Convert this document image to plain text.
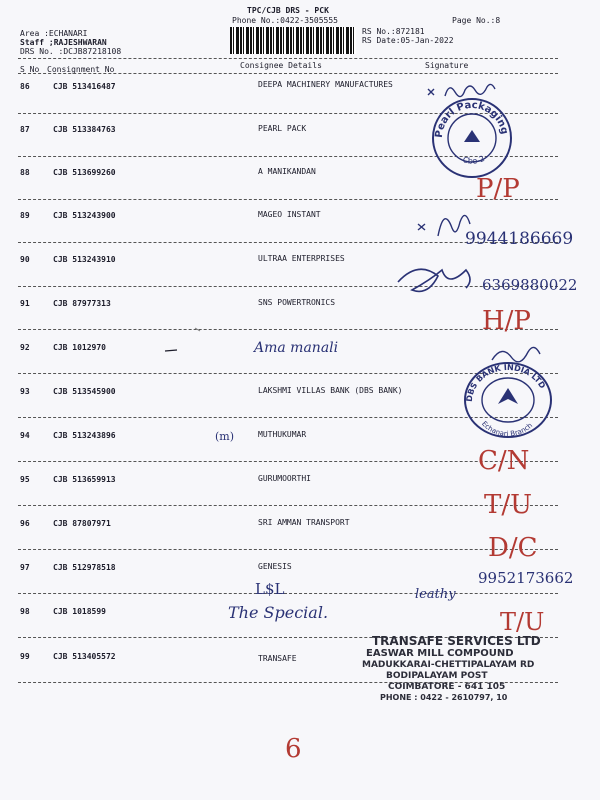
TPC/CJB DRS - PCK
Phone No.:0422-3505555	Page No.:8
Area :ECHANARI
Staff ;RAJESHWARAN
DRS No. :DCJB87218108
RS No.:872181
RS Date:05-Jan-2022
S No Consignment No	Consignee Details	Signature
86	CJB 513416487	DEEPA MACHINERY MANUFACTURES
87	CJB 513384763	PEARL PACK
88	CJB 513699260	A MANIKANDAN
89	CJB 513243900	MAGEO INSTANT
90	CJB 513243910	ULTRAA ENTERPRISES
91	CJB 87977313	SNS POWERTRONICS
92	CJB 1012970
93	CJB 513545900	LAKSHMI VILLAS BANK (DBS BANK)
94	CJB 513243896	MUTHUKUMAR
95	CJB 513659913	GURUMOORTHI
96	CJB 87807971	SRI AMMAN TRANSPORT
97	CJB 512978518	GENESIS
98	CJB 1018599
99	CJB 513405572	TRANSAFE
P/P
9944186669
6369880022
H/P
Ama manali
(m)
C/N
T/U
D/C
L$L
9952173662
leathy
The Special.	T/U
6
Pearl Packaging
Cbe-2
DBS BANK INDIA LTD
Echanari Branch
TRANSAFE SERVICES LTD
EASWAR MILL COMPOUND
MADUKKARAI-CHETTIPALAYAM RD
BODIPALAYAM POST
COIMBATORE - 641 105
PHONE : 0422 - 2610797, 10
